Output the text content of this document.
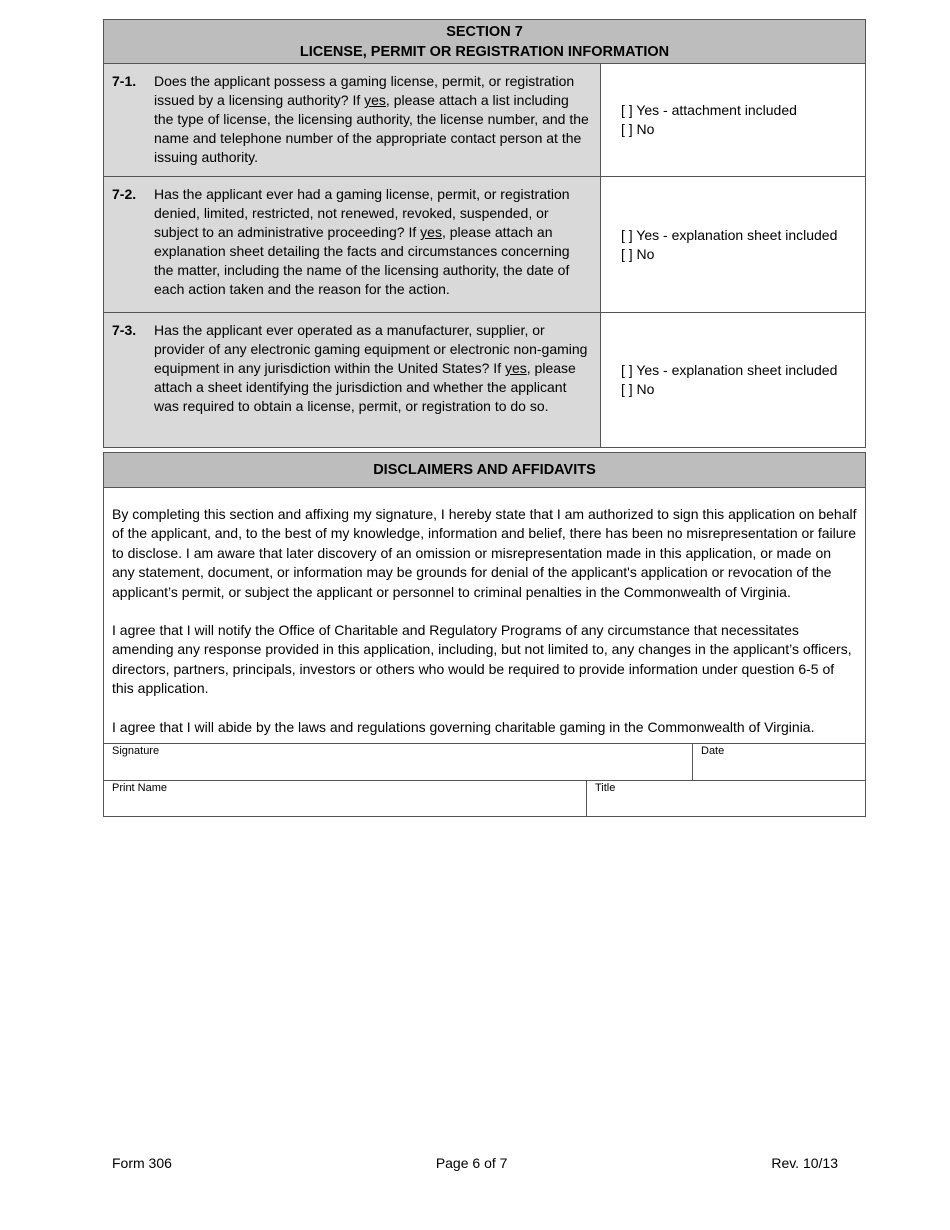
SECTION 7
LICENSE, PERMIT OR REGISTRATION INFORMATION
7-1.	Does the applicant possess a gaming license, permit, or registration issued by a licensing authority? If yes, please attach a list including the type of license, the licensing authority, the license number, and the name and telephone number of the appropriate contact person at the issuing authority.
[ ] Yes - attachment included
[ ] No
7-2.	Has the applicant ever had a gaming license, permit, or registration denied, limited, restricted, not renewed, revoked, suspended, or subject to an administrative proceeding? If yes, please attach an explanation sheet detailing the facts and circumstances concerning the matter, including the name of the licensing authority, the date of each action taken and the reason for the action.
[ ] Yes - explanation sheet included
[ ] No
7-3.	Has the applicant ever operated as a manufacturer, supplier, or provider of any electronic gaming equipment or electronic non-gaming equipment in any jurisdiction within the United States? If yes, please attach a sheet identifying the jurisdiction and whether the applicant was required to obtain a license, permit, or registration to do so.
[ ] Yes - explanation sheet included
[ ] No
DISCLAIMERS AND AFFIDAVITS

By completing this section and affixing my signature, I hereby state that I am authorized to sign this application on behalf of the applicant, and, to the best of my knowledge, information and belief, there has been no misrepresentation or failure to disclose. I am aware that later discovery of an omission or misrepresentation made in this application, or made on any statement, document, or information may be grounds for denial of the applicant's application or revocation of the applicant’s permit, or subject the applicant or personnel to criminal penalties in the Commonwealth of Virginia.

I agree that I will notify the Office of Charitable and Regulatory Programs of any circumstance that necessitates amending any response provided in this application, including, but not limited to, any changes in the applicant’s officers, directors, partners, principals, investors or others who would be required to provide information under question 6-5 of this application.

I agree that I will abide by the laws and regulations governing charitable gaming in the Commonwealth of Virginia.

Signature	Date
Print Name	Title
Form 306	Page 6 of 7	Rev. 10/13
